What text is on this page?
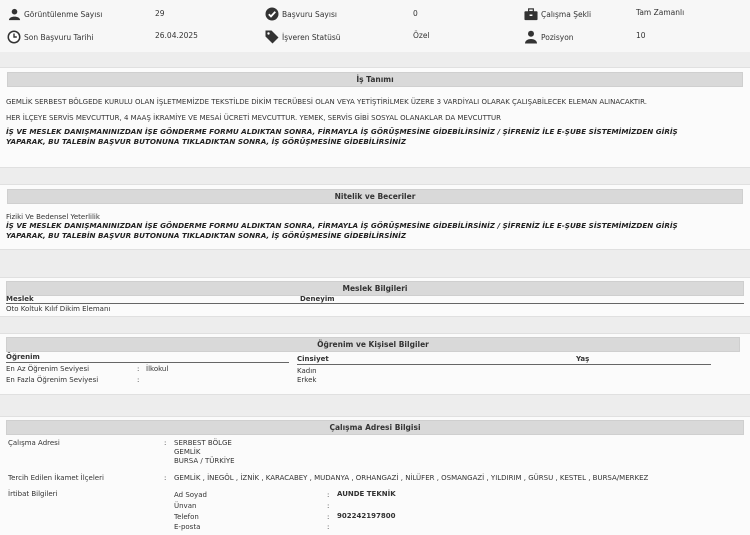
Görüntülenme Sayısı	29	Başvuru Sayısı	0	Çalışma Şekli	Tam Zamanlı
Son Başvuru Tarihi	26.04.2025	İşveren Statüsü	Özel	Pozisyon	10
İş Tanımı
GEMLİK SERBEST BÖLGEDE KURULU OLAN İŞLETMEMİZDE TEKSTİLDE DİKİM TECRÜBESİ OLAN VEYA YETİŞTİRİLMEK ÜZERE 3 VARDİYALI OLARAK ÇALIŞABİLECEK ELEMAN ALINACAKTIR.
HER İLÇEYE SERVİS MEVCUTTUR, 4 MAAŞ İKRAMİYE VE MESAİ ÜCRETİ MEVCUTTUR. YEMEK, SERVİS GİBİ SOSYAL OLANAKLAR DA MEVCUTTUR
İŞ VE MESLEK DANIŞMANINIZDAN İŞE GÖNDERME FORMU ALDIKTAN SONRA, FİRMAYLA İŞ GÖRÜŞMESİNE GİDEBİLİRSİNİZ / ŞİFRENİZ İLE E-ŞUBE SİSTEMİMİZDEN GİRİŞ YAPARAK, BU TALEBİN BAŞVUR BUTONUNA TIKLADIKTAN SONRA, İŞ GÖRÜŞMESİNE GİDEBİLİRSİNİZ
Nitelik ve Beceriler
Fiziki Ve Bedensel Yeterlilik
İŞ VE MESLEK DANIŞMANINIZDAN İŞE GÖNDERME FORMU ALDIKTAN SONRA, FİRMAYLA İŞ GÖRÜŞMESİNE GİDEBİLİRSİNİZ / ŞİFRENİZ İLE E-ŞUBE SİSTEMİMİZDEN GİRİŞ YAPARAK, BU TALEBİN BAŞVUR BUTONUNA TIKLADIKTAN SONRA, İŞ GÖRÜŞMESİNE GİDEBİLİRSİNİZ
Meslek Bilgileri
Meslek	Deneyim
Oto Koltuk Kılıf Dikim Elemanı
Öğrenim ve Kişisel Bilgiler
Öğrenim	Cinsiyet	Yaş
En Az Öğrenim Seviyesi	: İlkokul
En Fazla Öğrenim Seviyesi	:
Kadın
Erkek
Çalışma Adresi Bilgisi
Çalışma Adresi	: SERBEST BÖLGE
GEMLİK
BURSA / TÜRKİYE
Tercih Edilen İkamet İlçeleri	: GEMLİK , İNEGÖL , İZNİK , KARACABEY , MUDANYA , ORHANGAZİ , NİLÜFER , OSMANGAZİ , YILDIRIM , GÜRSU , KESTEL , BURSA/MERKEZ
İrtibat Bilgileri	Ad Soyad	: AUNDE TEKNİK
Ünvan	:
Telefon	: 902242197800
E-posta	:
